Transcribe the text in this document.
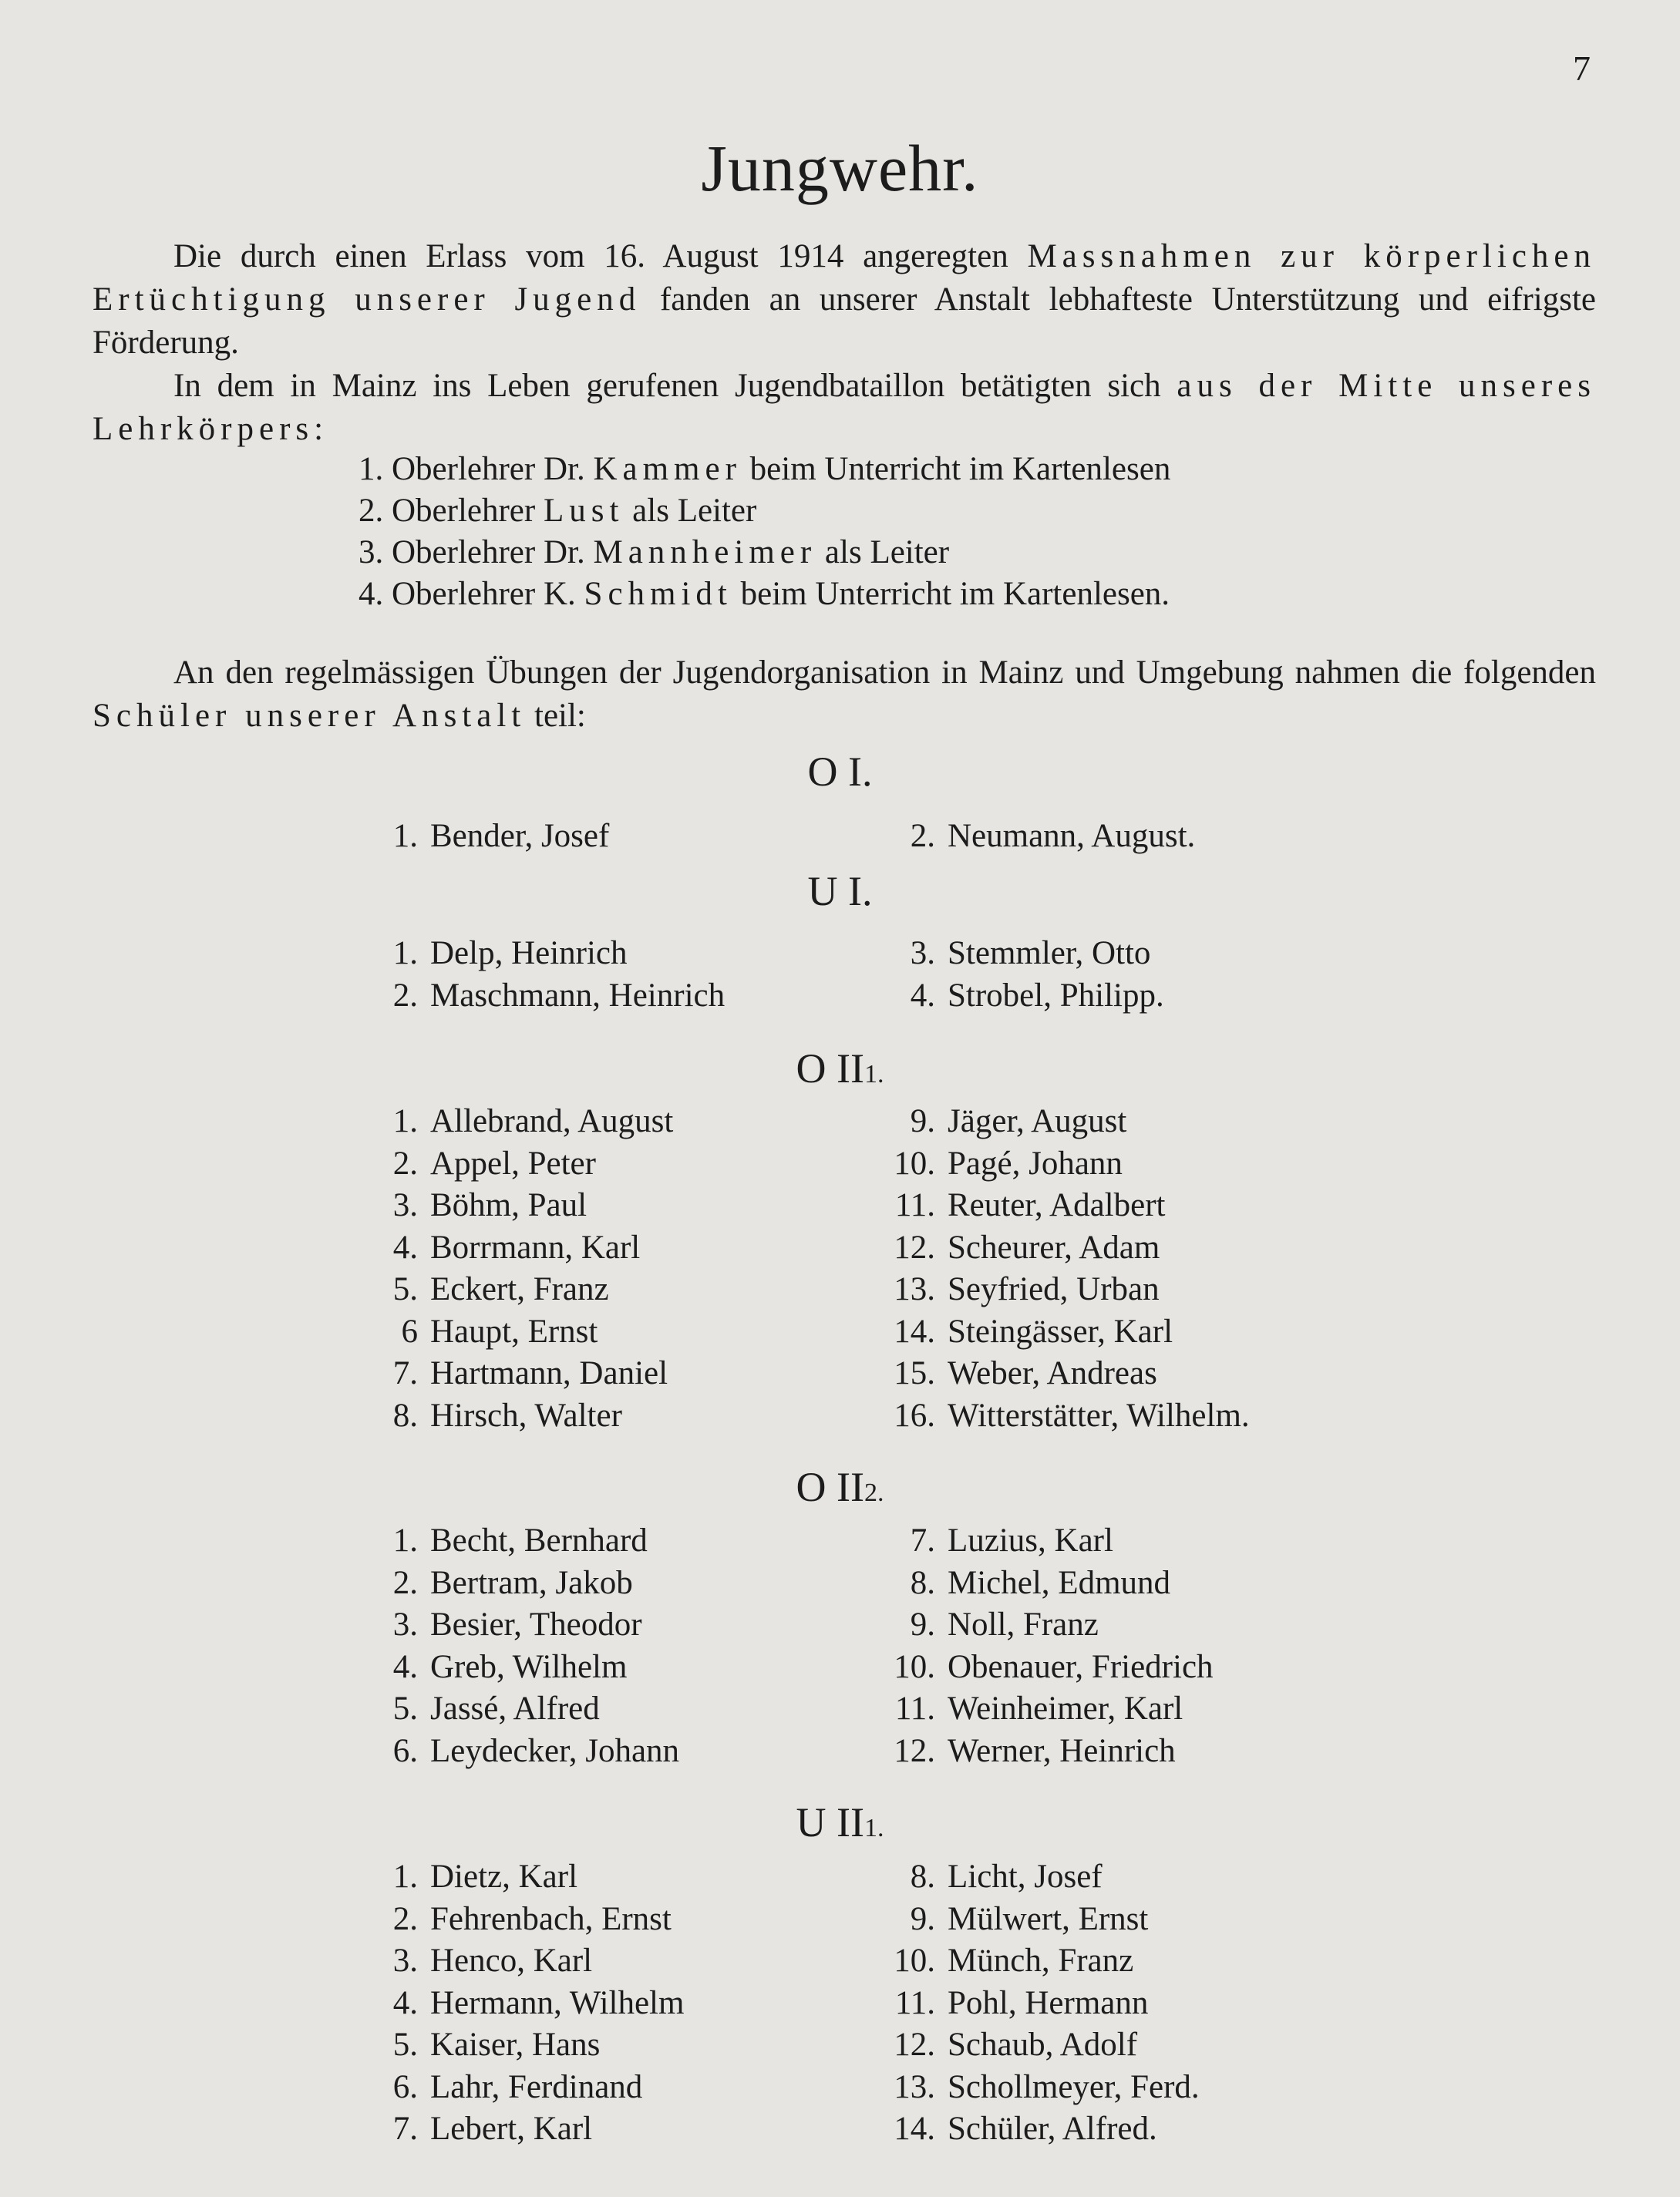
7
Jungwehr.

Die durch einen Erlass vom 16. August 1914 angeregten Massnahmen zur körperlichen Ertüchtigung unserer Jugend fanden an unserer Anstalt lebhafteste Unterstützung und eifrigste Förderung.

In dem in Mainz ins Leben gerufenen Jugendbataillon betätigten sich aus der Mitte unseres Lehrkörpers:

1. Oberlehrer Dr. Kammer beim Unterricht im Kartenlesen
2. Oberlehrer Lust als Leiter
3. Oberlehrer Dr. Mannheimer als Leiter
4. Oberlehrer K. Schmidt beim Unterricht im Kartenlesen.

An den regelmässigen Übungen der Jugendorganisation in Mainz und Umgebung nahmen die folgenden Schüler unserer Anstalt teil:

O I.
1. Bender, Josef	2. Neumann, August.
U I.
1. Delp, Heinrich
2. Maschmann, Heinrich
3. Stemmler, Otto
4. Strobel, Philipp.
O II1.
1. Allebrand, August
2. Appel, Peter
3. Böhm, Paul
4. Borrmann, Karl
5. Eckert, Franz
6 Haupt, Ernst
7. Hartmann, Daniel
8. Hirsch, Walter
9. Jäger, August
10. Pagé, Johann
11. Reuter, Adalbert
12. Scheurer, Adam
13. Seyfried, Urban
14. Steingässer, Karl
15. Weber, Andreas
16. Witterstätter, Wilhelm.
O II2.
1. Becht, Bernhard
2. Bertram, Jakob
3. Besier, Theodor
4. Greb, Wilhelm
5. Jassé, Alfred
6. Leydecker, Johann
7. Luzius, Karl
8. Michel, Edmund
9. Noll, Franz
10. Obenauer, Friedrich
11. Weinheimer, Karl
12. Werner, Heinrich
U II1.
1. Dietz, Karl
2. Fehrenbach, Ernst
3. Henco, Karl
4. Hermann, Wilhelm
5. Kaiser, Hans
6. Lahr, Ferdinand
7. Lebert, Karl
8. Licht, Josef
9. Mülwert, Ernst
10. Münch, Franz
11. Pohl, Hermann
12. Schaub, Adolf
13. Schollmeyer, Ferd.
14. Schüler, Alfred.
